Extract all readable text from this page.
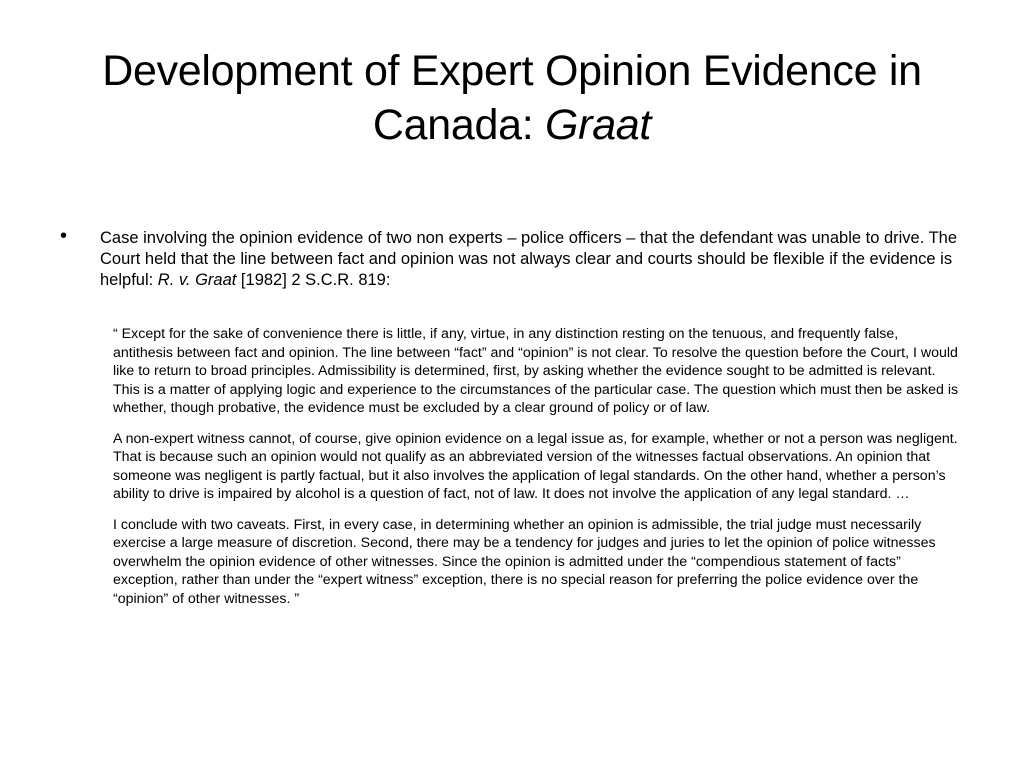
Development of Expert Opinion Evidence in Canada: Graat
• Case involving the opinion evidence of two non experts – police officers – that the defendant was unable to drive. The Court held that the line between fact and opinion was not always clear and courts should be flexible if the evidence is helpful: R. v. Graat [1982] 2 S.C.R. 819:

“ Except for the sake of convenience there is little, if any, virtue, in any distinction resting on the tenuous, and frequently false, antithesis between fact and opinion. The line between “fact” and “opinion” is not clear. To resolve the question before the Court, I would like to return to broad principles. Admissibility is determined, first, by asking whether the evidence sought to be admitted is relevant. This is a matter of applying logic and experience to the circumstances of the particular case. The question which must then be asked is whether, though probative, the evidence must be excluded by a clear ground of policy or of law.

A non-expert witness cannot, of course, give opinion evidence on a legal issue as, for example, whether or not a person was negligent. That is because such an opinion would not qualify as an abbreviated version of the witnesses factual observations. An opinion that someone was negligent is partly factual, but it also involves the application of legal standards. On the other hand, whether a person’s ability to drive is impaired by alcohol is a question of fact, not of law. It does not involve the application of any legal standard. …

I conclude with two caveats. First, in every case, in determining whether an opinion is admissible, the trial judge must necessarily exercise a large measure of discretion. Second, there may be a tendency for judges and juries to let the opinion of police witnesses overwhelm the opinion evidence of other witnesses. Since the opinion is admitted under the “compendious statement of facts” exception, rather than under the “expert witness” exception, there is no special reason for preferring the police evidence over the “opinion” of other witnesses. ”
